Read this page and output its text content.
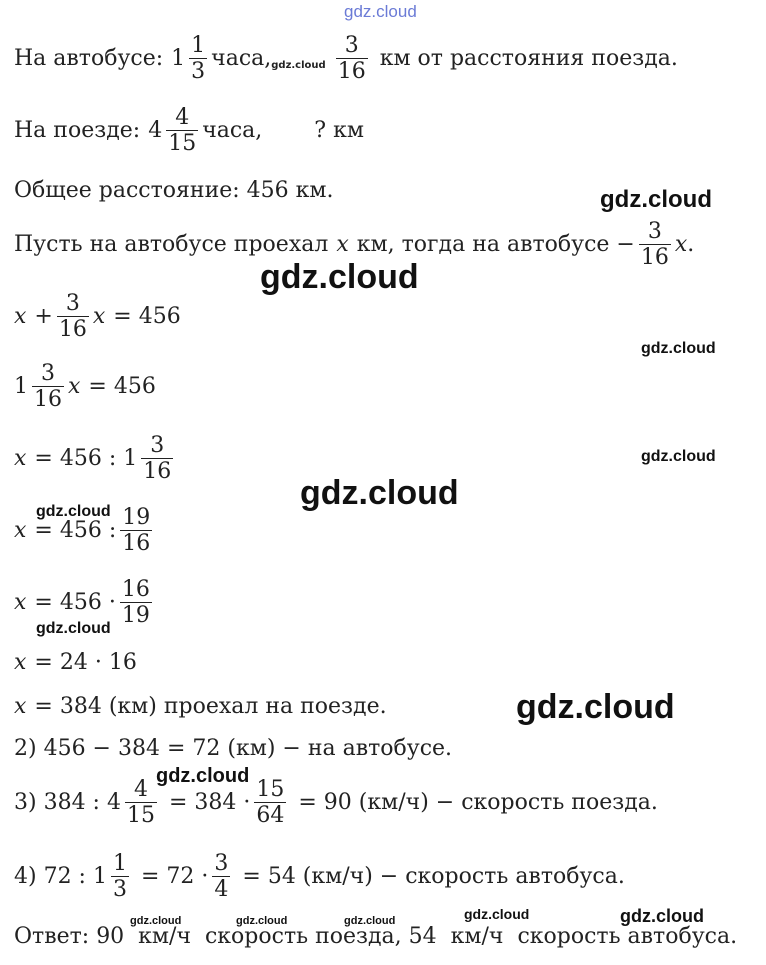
gdz.cloud
gdz.cloud
gdz.cloud
gdz.cloud
gdz.cloud
gdz.cloud
gdz.cloud
gdz.cloud
gdz.cloud
gdz.cloud
gdz.cloud	gdz.cloud	gdz.cloud	gdz.cloud	gdz.cloud
На автобусе: $1 \frac{1}{3}$ часа, gdz.cloud $\frac{3}{16}$ км от расстояния поезда.
На поезде: $4 \frac{4}{15}$ часа, ? км
Общее расстояние: 456 км.
Пусть на автобусе проехал x км, тогда на автобусе − $\frac{3}{16}$ x .
$x + \frac{3}{16}$ x = 456
$1 \frac{3}{16}$ x = 456
x = 456 : $1 \frac{3}{16}$
x = 456 : $\frac{19}{16}$
$x = 456 \cdot \frac{16}{19}$
x = 24 · 16
x = 384 (км) проехал на поезде.
2) 456 − 384 = 72 (км) − на автобусе.
3) 384 : $4 \frac{4}{15} = 384 \cdot \frac{15}{64} = 90$ (км/ч) − скорость поезда.
4) 72 : $1 \frac{1}{3} = 72 \cdot \frac{3}{4} = 54$ (км/ч) − скорость автобуса.
Ответ: 90  км/ч  скорость поезда, 54  км/ч  скорость автобуса.
